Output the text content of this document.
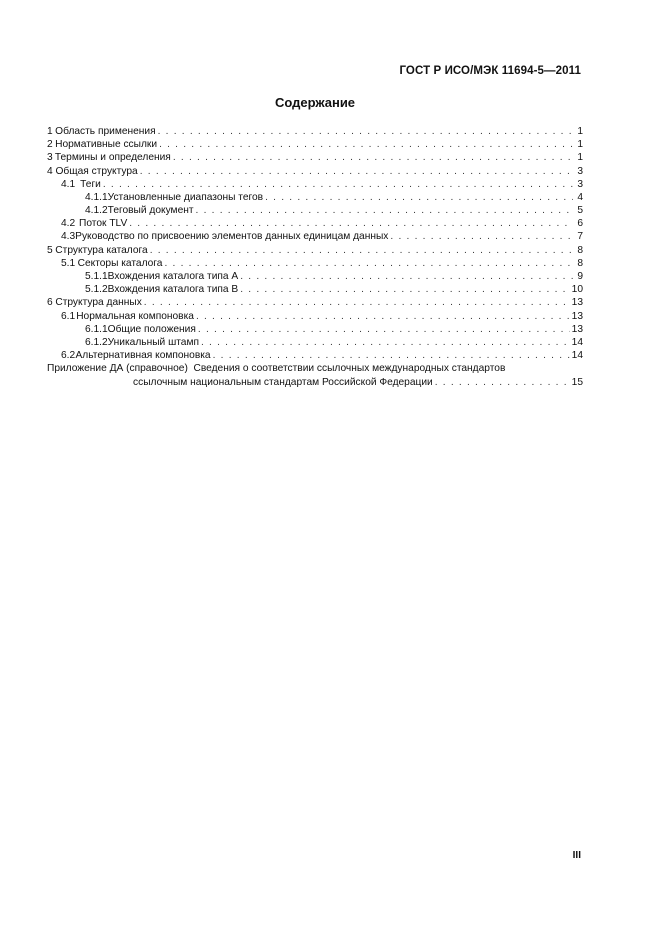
ГОСТ Р ИСО/МЭК 11694-5—2011
Содержание
1 Область применения . . .	1
2 Нормативные ссылки . . .	1
3 Термины и определения . . .	1
4 Общая структура . . .	3
4.1 Теги . . .	3
4.1.1 Установленные диапазоны тегов . . .	4
4.1.2 Теговый документ . . .	5
4.2 Поток TLV . . .	6
4.3 Руководство по присвоению элементов данных единицам данных . . .	7
5 Структура каталога . . .	8
5.1 Секторы каталога . . .	8
5.1.1 Вхождения каталога типа А . . .	9
5.1.2 Вхождения каталога типа В . . .	10
6 Структура данных . . .	13
6.1 Нормальная компоновка . . .	13
6.1.1 Общие положения . . .	13
6.1.2 Уникальный штамп . . .	14
6.2 Альтернативная компоновка . . .	14
Приложение ДА (справочное) Сведения о соответствии ссылочных международных стандартов
ссылочным национальным стандартам Российской Федерации . . .	15
III
